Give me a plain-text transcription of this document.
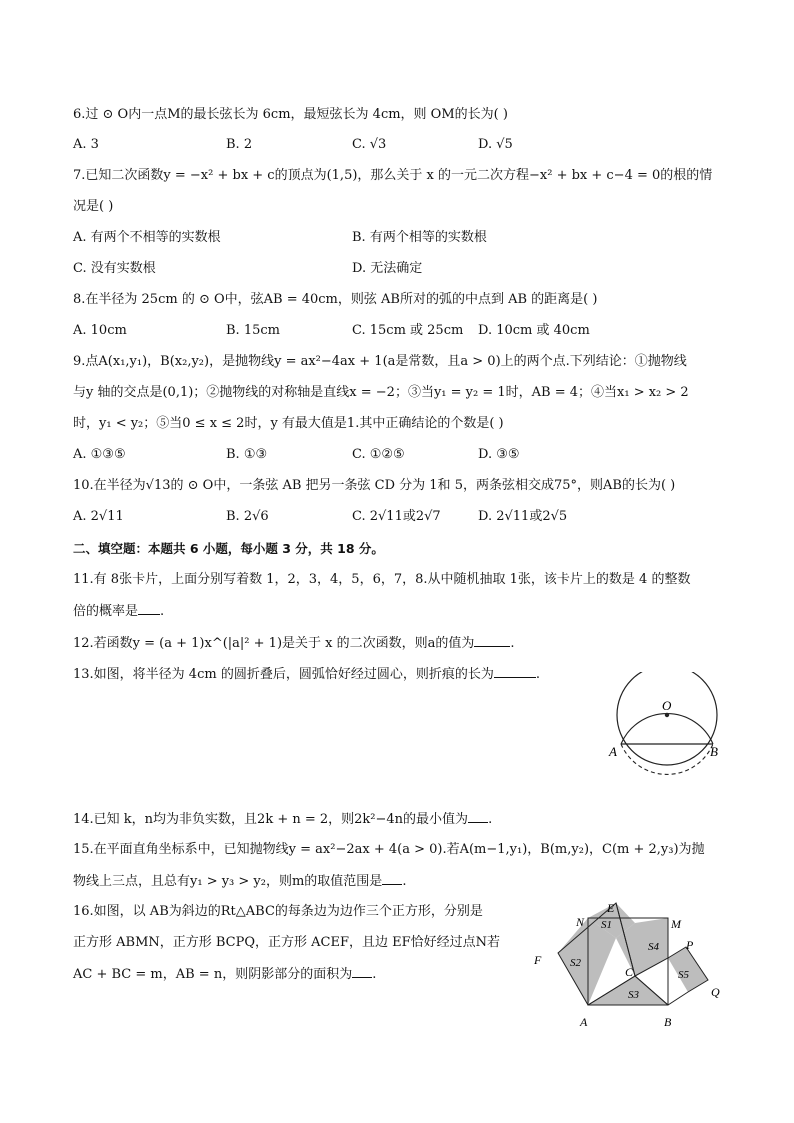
6.过 ⊙ O内一点M的最长弦长为 6cm，最短弦长为 4cm，则 OM的长为( )
A. 3	B. 2	C. √3	D. √5
7.已知二次函数y = −x² + bx + c的顶点为(1,5)，那么关于 x 的一元二次方程−x² + bx + c−4 = 0的根的情
况是( )
A. 有两个不相等的实数根	B. 有两个相等的实数根
C. 没有实数根	D. 无法确定
8.在半径为 25cm 的 ⊙ O中，弦AB = 40cm，则弦 AB所对的弧的中点到 AB 的距离是( )
A. 10cm	B. 15cm	C. 15cm 或 25cm D. 10cm 或 40cm
9.点A(x₁,y₁)，B(x₂,y₂)，是抛物线y = ax²−4ax + 1(a是常数，且a > 0)上的两个点.下列结论：①抛物线
与y 轴的交点是(0,1)；②抛物线的对称轴是直线x = −2；③当y₁ = y₂ = 1时，AB = 4；④当x₁ > x₂ > 2
时，y₁ < y₂；⑤当0 ≤ x ≤ 2时，y 有最大值是1.其中正确结论的个数是( )
A. ①③⑤	B. ①③	C. ①②⑤	D. ③⑤
10.在半径为√13的 ⊙ O中，一条弦 AB 把另一条弦 CD 分为 1和 5，两条弦相交成75°，则AB的长为( )
A. 2√11	B. 2√6	C. 2√11或2√7	D. 2√11或2√5
二、填空题：本题共 6 小题，每小题 3 分，共 18 分。
11.有 8张卡片，上面分别写着数 1，2，3，4，5，6，7，8.从中随机抽取 1张，该卡片上的数是 4 的整数
倍的概率是 .
12.若函数y = (a + 1)x^(|a|² + 1)是关于 x 的二次函数，则a的值为	.
13.如图，将半径为 4cm 的圆折叠后，圆弧恰好经过圆心，则折痕的长为	.
O
A	B
14.已知 k，n均为非负实数，且2k + n = 2，则2k²−4n的最小值为 .
15.在平面直角坐标系中，已知抛物线y = ax²−2ax + 4(a > 0).若A(m−1,y₁)，B(m,y₂)，C(m + 2,y₃)为抛
物线上三点，且总有y₁ > y₃ > y₂，则m的取值范围是 .
16.如图，以 AB为斜边的Rt△ABC的每条边为边作三个正方形，分别是
正方形 ABMN，正方形 BCPQ，正方形 ACEF，且边 EF恰好经过点N若
AC + BC = m，AB = n，则阴影部分的面积为 .
N
E
M
P
F
C
Q
A	B
S1
S2
S3
S4
S5
